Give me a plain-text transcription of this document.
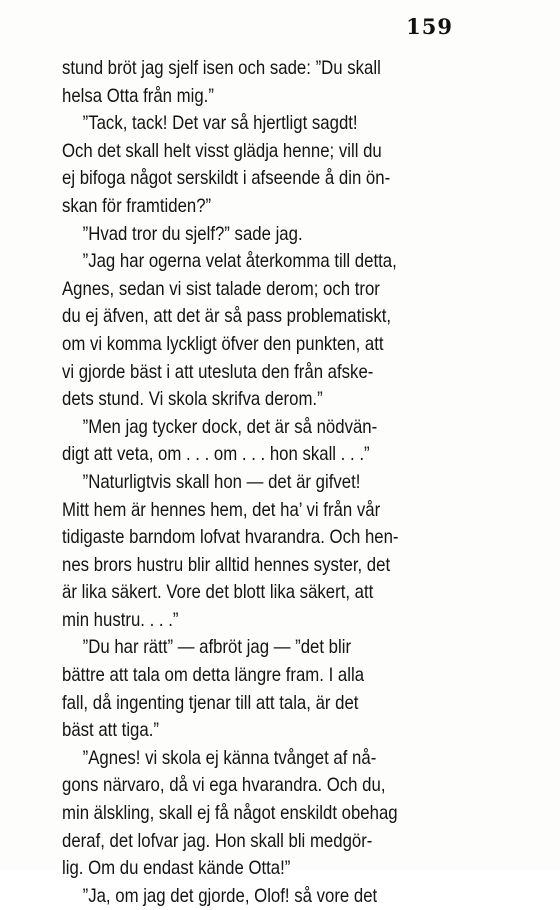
159
stund bröt jag sjelf isen och sade: ”Du skall
helsa Otta från mig.”
”Tack, tack! Det var så hjertligt sagdt!
Och det skall helt visst glädja henne; vill du
ej bifoga något serskildt i afseende å din ön-
skan för framtiden?”
”Hvad tror du sjelf?” sade jag.
”Jag har ogerna velat återkomma till detta,
Agnes, sedan vi sist talade derom; och tror
du ej äfven, att det är så pass problematiskt,
om vi komma lyckligt öfver den punkten, att
vi gjorde bäst i att utesluta den från afske-
dets stund. Vi skola skrifva derom.”
”Men jag tycker dock, det är så nödvän-
digt att veta, om . . . om . . . hon skall . . .”
”Naturligtvis skall hon — det är gifvet!
Mitt hem är hennes hem, det ha’ vi från vår
tidigaste barndom lofvat hvarandra. Och hen-
nes brors hustru blir alltid hennes syster, det
är lika säkert. Vore det blott lika säkert, att
min hustru. . . .”
”Du har rätt” — afbröt jag — ”det blir
bättre att tala om detta längre fram. I alla
fall, då ingenting tjenar till att tala, är det
bäst att tiga.”
”Agnes! vi skola ej känna tvånget af nå-
gons närvaro, då vi ega hvarandra. Och du,
min älskling, skall ej få något enskildt obehag
deraf, det lofvar jag. Hon skall bli medgör-
lig. Om du endast kände Otta!”
”Ja, om jag det gjorde, Olof! så vore det
